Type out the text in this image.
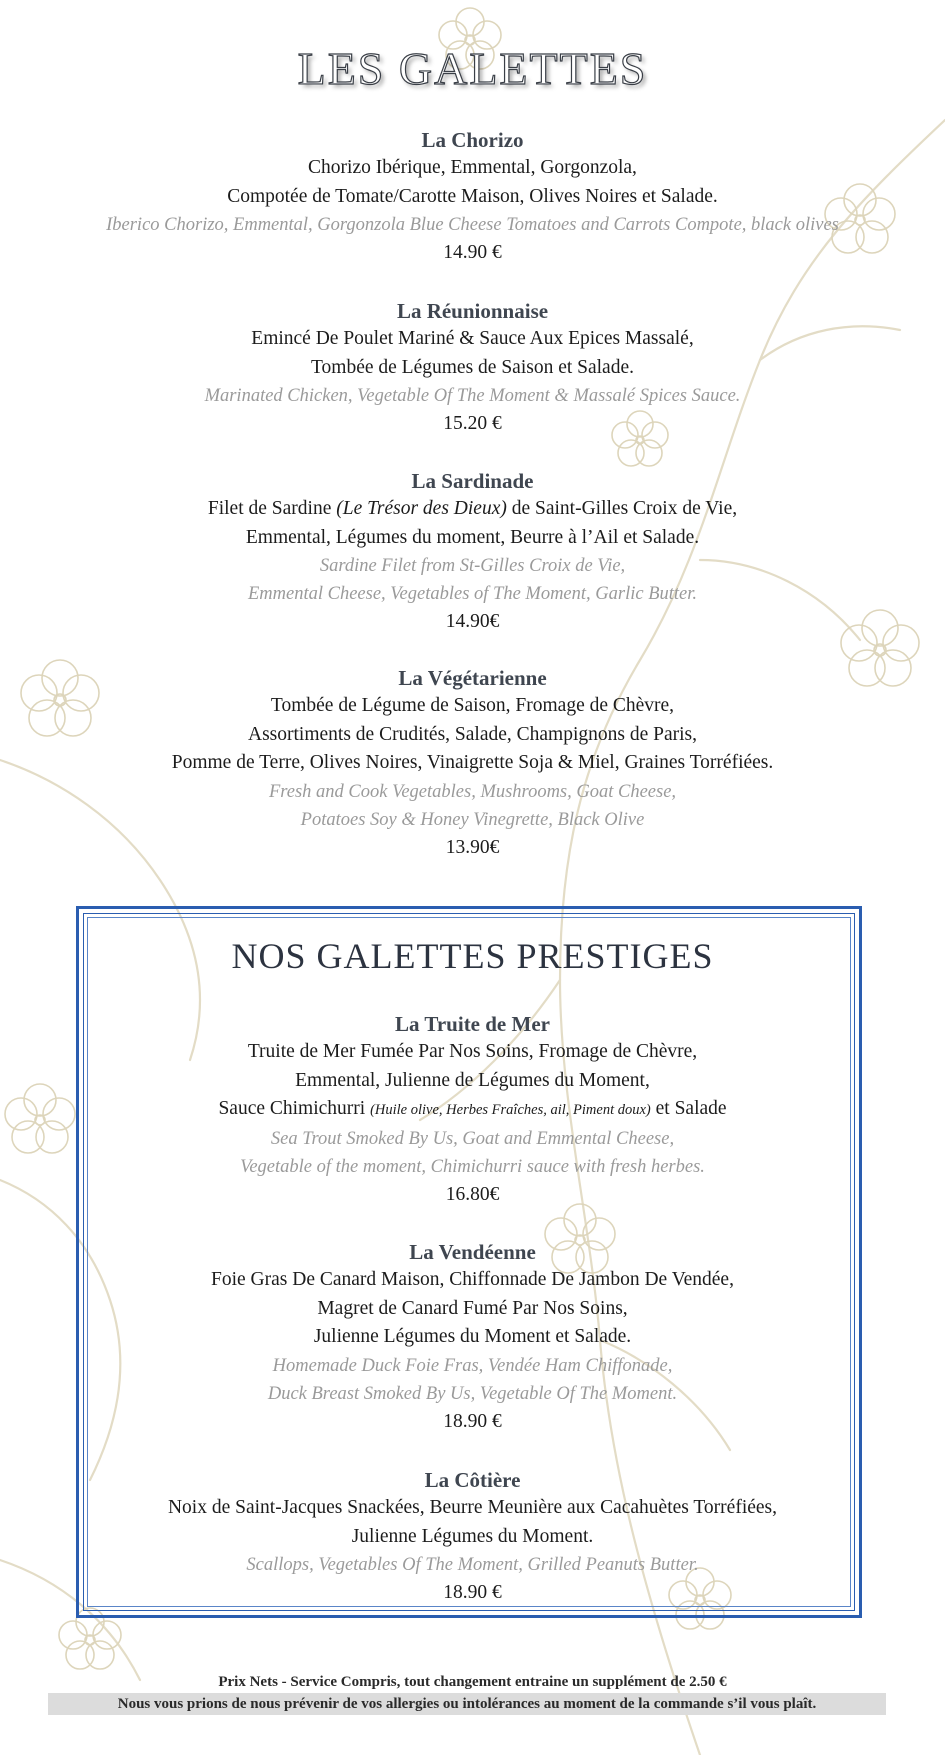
LES GALETTES
La Chorizo
Chorizo Ibérique, Emmental, Gorgonzola,
Compotée de Tomate/Carotte Maison, Olives Noires et Salade.
Iberico Chorizo, Emmental, Gorgonzola Blue Cheese Tomatoes and Carrots Compote, black olives
14.90 €
La Réunionnaise
Emincé De Poulet Mariné & Sauce Aux Epices Massalé,
Tombée de Légumes de Saison et Salade.
Marinated Chicken, Vegetable Of The Moment & Massalé Spices Sauce.
15.20 €
La Sardinade
Filet de Sardine (Le Trésor des Dieux) de Saint-Gilles Croix de Vie,
Emmental, Légumes du moment, Beurre à l’Ail et Salade.
Sardine Filet from St-Gilles Croix de Vie,
Emmental Cheese, Vegetables of The Moment, Garlic Butter.
14.90€
La Végétarienne
Tombée de Légume de Saison, Fromage de Chèvre,
Assortiments de Crudités, Salade, Champignons de Paris,
Pomme de Terre, Olives Noires, Vinaigrette Soja & Miel, Graines Torréfiées.
Fresh and Cook Vegetables, Mushrooms, Goat Cheese,
Potatoes Soy & Honey Vinegrette, Black Olive
13.90€
NOS GALETTES PRESTIGES
La Truite de Mer
Truite de Mer Fumée Par Nos Soins, Fromage de Chèvre,
Emmental, Julienne de Légumes du Moment,
Sauce Chimichurri (Huile olive, Herbes Fraîches, ail, Piment doux) et Salade
Sea Trout Smoked By Us, Goat and Emmental Cheese,
Vegetable of the moment, Chimichurri sauce with fresh herbes.
16.80€
La Vendéenne
Foie Gras De Canard Maison, Chiffonnade De Jambon De Vendée,
Magret de Canard Fumé Par Nos Soins,
Julienne Légumes du Moment et Salade.
Homemade Duck Foie Fras, Vendée Ham Chiffonade,
Duck Breast Smoked By Us, Vegetable Of The Moment.
18.90 €
La Côtière
Noix de Saint-Jacques Snackées, Beurre Meunière aux Cacahuètes Torréfiées,
Julienne Légumes du Moment.
Scallops, Vegetables Of The Moment, Grilled Peanuts Butter.
18.90 €
Prix Nets - Service Compris, tout changement entraine un supplément de 2.50 €
Nous vous prions de nous prévenir de vos allergies ou intolérances au moment de la commande s’il vous plaît.
